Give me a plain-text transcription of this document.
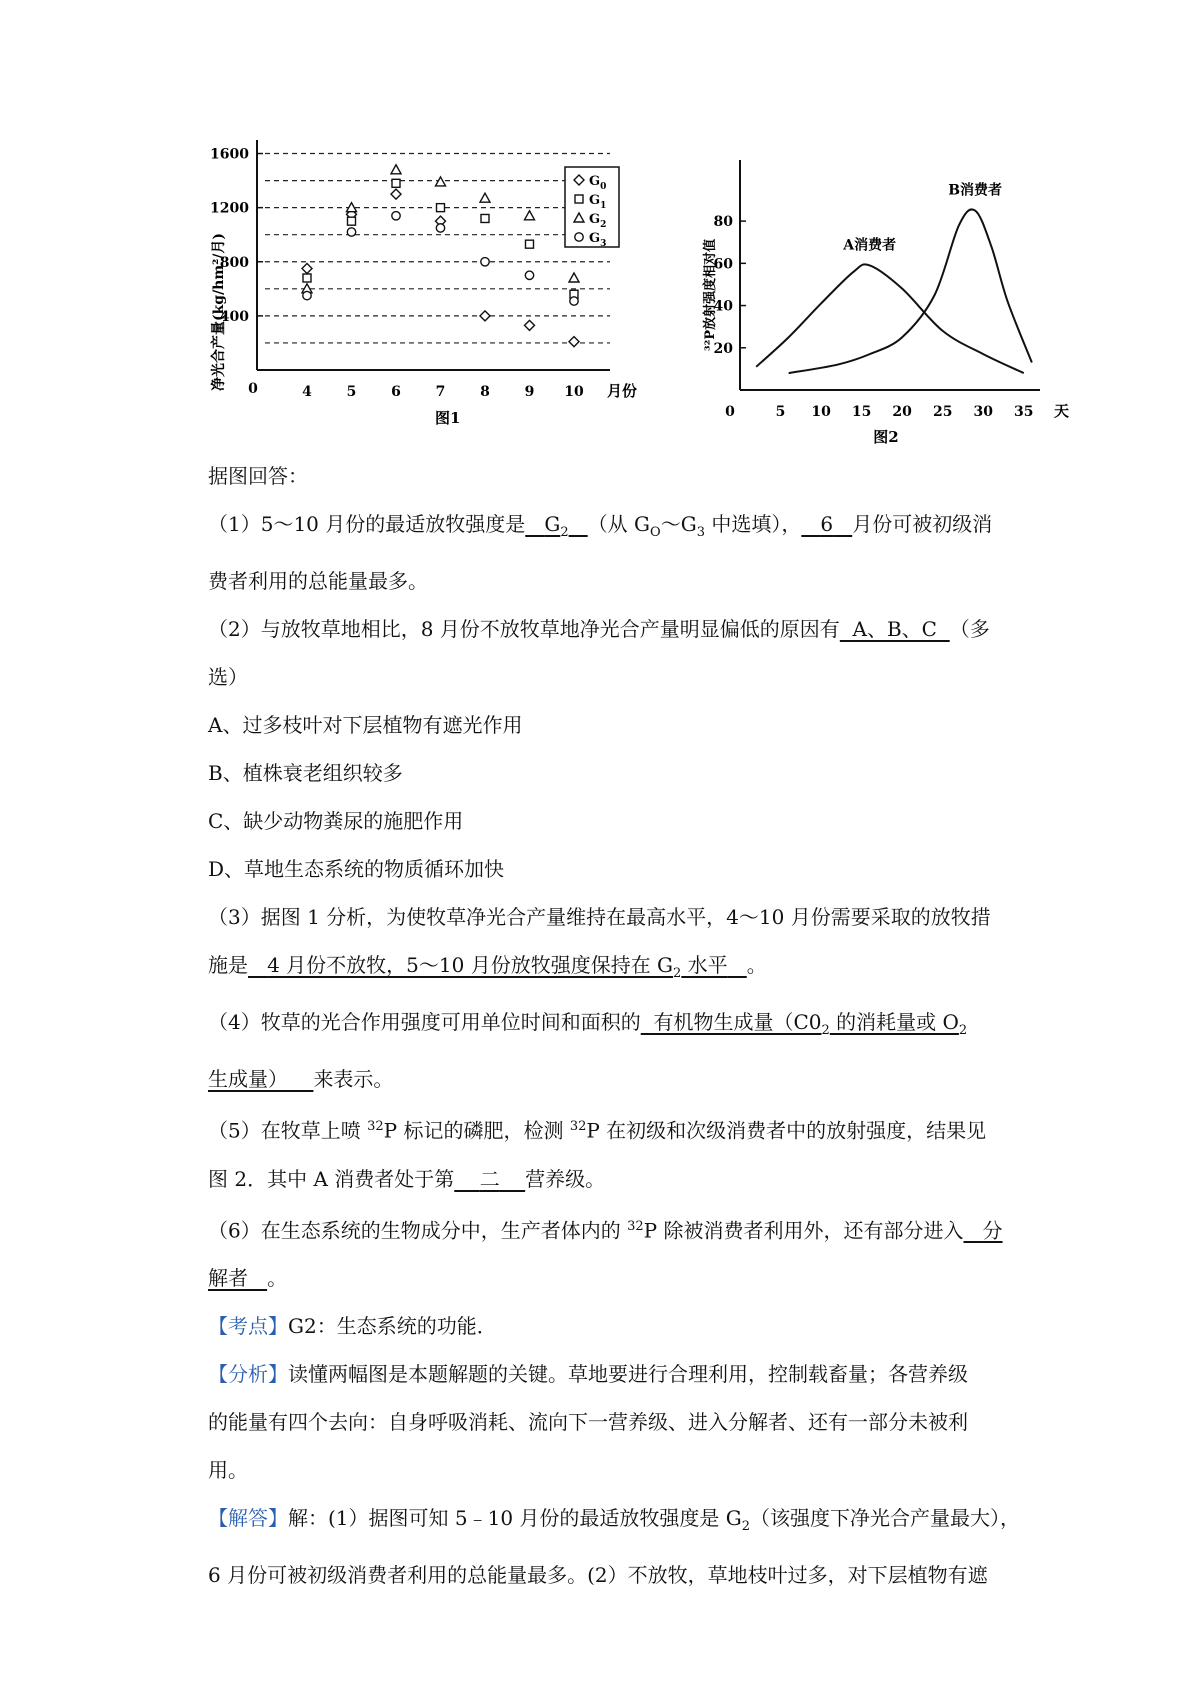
净光合产量(kg/hm²/月) 0
400
800
1200
1600
4 5 6 7 8 9 10 月份
图1
$G_0$
$G_1$
$G_2$
$G_3$	³²P放射强度相对值
20
40
60
80
0	5 10 15 20 25 30 35
A消费者
B消费者
天
图2

据图回答：

（1）5～10 月份的最适放牧强度是 $G_2$ （从 $G_O\sim G_3$ 中选填）， 6 月份可被初级消

费者利用的总能量最多。

（2）与放牧草地相比，8 月份不放牧草地净光合产量明显偏低的原因有 A、B、C （多

选）

A、过多枝叶对下层植物有遮光作用

B、植株衰老组织较多

C、缺少动物粪尿的施肥作用

D、草地生态系统的物质循环加快

（3）据图 1 分析，为使牧草净光合产量维持在最高水平，4～10 月份需要采取的放牧措

施是 4 月份不放牧，5～10 月份放牧强度保持在 $G_2$ 水平 。

（4）牧草的光合作用强度可用单位时间和面积的 有机物生成量（$C0_2$ 的消耗量或 $O_2$

生成量） 来表示。

（5）在牧草上喷 $^{32}$P 标记的磷肥，检测 $^{32}$P 在初级和次级消费者中的放射强度，结果见

图 2．其中 A 消费者处于第 二 营养级。

（6）在生态系统的生物成分中，生产者体内的 $^{32}$P 除被消费者利用外，还有部分进入 分

解者 。

【考点】G2：生态系统的功能．

【分析】读懂两幅图是本题解题的关键。草地要进行合理利用，控制载畜量；各营养级

的能量有四个去向：自身呼吸消耗、流向下一营养级、进入分解者、还有一部分未被利

用。

【解答】解：(1）据图可知 5﹣10 月份的最适放牧强度是 $G_2$（该强度下净光合产量最大），

6 月份可被初级消费者利用的总能量最多。(2）不放牧，草地枝叶过多，对下层植物有遮
